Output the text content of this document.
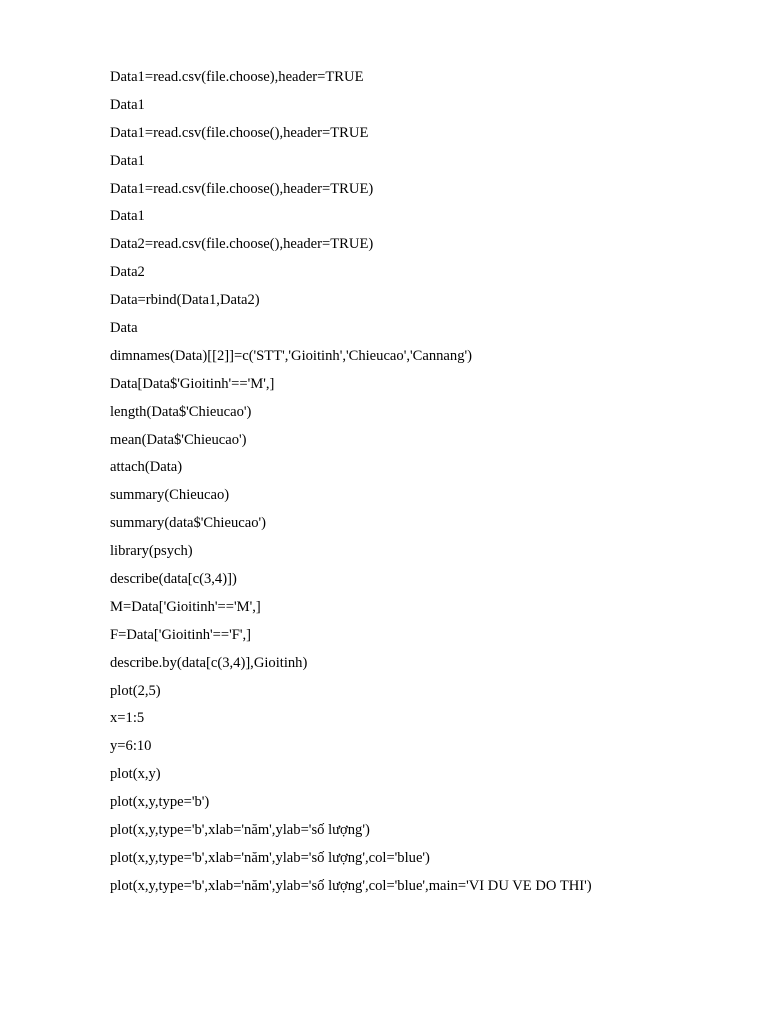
Data1=read.csv(file.choose),header=TRUE
Data1
Data1=read.csv(file.choose(),header=TRUE
Data1
Data1=read.csv(file.choose(),header=TRUE)
Data1
Data2=read.csv(file.choose(),header=TRUE)
Data2
Data=rbind(Data1,Data2)
Data
dimnames(Data)[[2]]=c('STT','Gioitinh','Chieucao','Cannang')
Data[Data$'Gioitinh'=='M',]
length(Data$'Chieucao')
mean(Data$'Chieucao')
attach(Data)
summary(Chieucao)
summary(data$'Chieucao')
library(psych)
describe(data[c(3,4)])
M=Data['Gioitinh'=='M',]
F=Data['Gioitinh'=='F',]
describe.by(data[c(3,4)],Gioitinh)
plot(2,5)
x=1:5
y=6:10
plot(x,y)
plot(x,y,type='b')
plot(x,y,type='b',xlab='năm',ylab='số lượng')
plot(x,y,type='b',xlab='năm',ylab='số lượng',col='blue')
plot(x,y,type='b',xlab='năm',ylab='số lượng',col='blue',main='VI DU VE DO THI')
